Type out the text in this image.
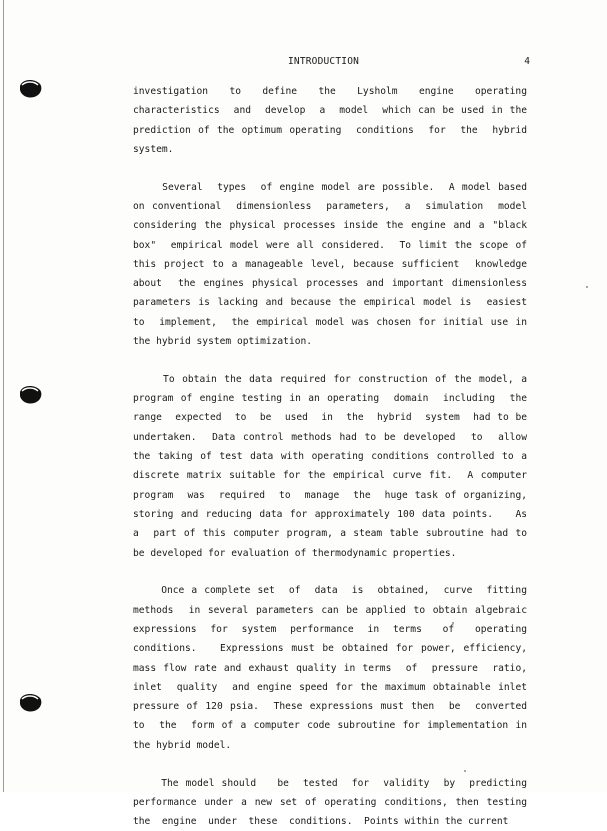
INTRODUCTION	4
investigation   to   define   the   Lysholm   engine   operating
characteristics  and  develop  a  model  which can be used in the
prediction of the optimum operating  conditions  for  the  hybrid
system.
Several  types  of engine model are possible.  A model based
on conventional  dimensionless  parameters,  a  simulation  model
considering the physical processes inside the engine and a "black
box"  empirical model were all considered.  To limit the scope of
this project to a manageable level, because sufficient  knowledge
about  the engines physical processes and important dimensionless
parameters is lacking and because the empirical model is  easiest
to  implement,  the empirical model was chosen for initial use in
the hybrid system optimization.
To obtain the data required for construction of the model, a
program of engine testing in an operating  domain  including  the
range  expected  to  be  used  in  the  hybrid  system  had to be
undertaken.  Data control methods had to be developed  to  allow
the taking of test data with operating conditions controlled to a
discrete matrix suitable for the empirical curve fit.  A computer
program  was  required  to  manage  the  huge task of organizing,
storing and reducing data for approximately 100 data points.   As
a  part of this computer program, a steam table subroutine had to
be developed for evaluation of thermodynamic properties.
Once a complete set  of  data  is  obtained,  curve  fitting
methods  in several parameters can be applied to obtain algebraic
expressions  for  system  performance  in  terms   of   operating
conditions.   Expressions must be obtained for power, efficiency,
mass flow rate and exhaust quality in terms  of  pressure  ratio,
inlet  quality  and engine speed for the maximum obtainable inlet
pressure of 120 psia.  These expressions must then  be  converted
to  the  form of a computer code subroutine for implementation in
the hybrid model.
The model should   be  tested  for  validity  by  predicting
performance under a new set of operating conditions, then testing
the  engine  under  these  conditions.  Points within the current
